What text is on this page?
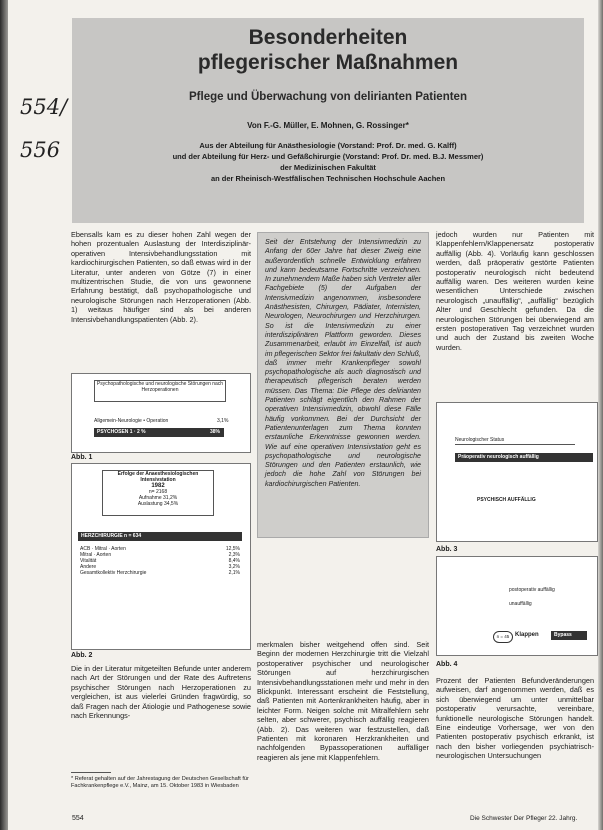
554/
556
Besonderheiten
pflegerischer Maßnahmen
Pflege und Überwachung von delirianten Patienten
Von F.-G. Müller, E. Mohnen, G. Rossinger*
Aus der Abteilung für Anästhesiologie (Vorstand: Prof. Dr. med. G. Kalff)
und der Abteilung für Herz- und Gefäßchirurgie (Vorstand: Prof. Dr. med. B.J. Messmer)
der Medizinischen Fakultät
an der Rheinisch-Westfälischen Technischen Hochschule Aachen

Ebensalls kam es zu dieser hohen Zahl wegen der hohen prozentualen Auslastung der Interdisziplinär-operativen Intensivbehandlungsstation mit kardiochirurgischen Patienten, so daß etwas wird in der Literatur, unter anderen von Götze (7) in einer multizentrischen Studie, die von uns gewonnene Erfahrung bestätigt, daß psychopathologische und neurologische Störungen nach Herzoperationen (Abb. 1) weitaus häufiger sind als bei anderen Intensivbehandlungspatienten (Abb. 2).

Psychopathologische und neurologische Störungen nach Herzoperationen
Allgemein-Neurologie • Operation	3,1%
PSYCHOSEN 1 · 2 %	38%
Abb. 1
Erfolge der Anaesthesiologischen Intensivstation
1982
n= 2168
Aufnahme 31,2%
Auslastung 34,5%
HERZCHIRURGIE n = 634
ACB · Mitral · Aorten	12,5%
Mitral · Aorten	2,3%
Vitalität	8,4%
Andere	3,2%
Gesamtkollektiv Herzchirurgie	2,1%
Abb. 2

Die in der Literatur mitgeteilten Befunde unter anderem nach Art der Störungen und der Rate des Auftretens psychischer Störungen nach Herzoperationen zu vergleichen, ist aus vielerlei Gründen fragwürdig, so daß Fragen nach der Ätiologie und Pathogenese sowie nach Erkennungs-

* Referat gehalten auf der Jahrestagung der Deutschen Gesellschaft für Fachkrankenpflege e.V., Mainz, am 15. Oktober 1983 in Wiesbaden
Seit der Entstehung der Intensivmedizin zu Anfang der 60er Jahre hat dieser Zweig eine außerordentlich schnelle Entwicklung erfahren und kann bedeutsame Fortschritte verzeichnen. In zunehmendem Maße haben sich Vertreter aller Fachgebiete (5) der Aufgaben der Intensivmedizin angenommen, insbesondere Anästhesisten, Chirurgen, Pädiater, Internisten, Neurologen, Neurochirurgen und Herzchirurgen. So ist die Intensivmedizin zu einer interdisziplinären Plattform geworden. Dieses Zusammenarbeit, erlaubt im Einzelfall, ist auch im pflegerischen Sektor frei fakultativ den Schluß, daß immer mehr Krankenpfleger sowohl psychopathologische als auch diagnostisch und therapeutisch pflegerisch beraten werden müssen. Das Thema: Die Pflege des delirianten Patienten schlägt eigentlich den Rahmen der operativen Intensivmedizin, obwohl diese Fälle häufig vorkommen. Bei der Durchsicht der Patientenunterlagen zum Thema konnten erstaunliche Erkenntnisse gewonnen werden. Wie auf eine operativen Intensivstation geht es psychopathologische und neurologische Störungen und den Patienten erstaunlich, wie jedoch die hohe Zahl von Störungen bei kardiochirurgischen Patienten.

merkmalen bisher weitgehend offen sind. Seit Beginn der modernen Herzchirurgie tritt die Vielzahl postoperativer psychischer und neurologischer Störungen auf herzchirurgischen Intensivbehandlungsstationen mehr und mehr in den Blickpunkt. Interessant erscheint die Feststellung, daß Patienten mit Aortenkrankheiten häufig, aber in leichter Form. Neigen solche mit Mitralfehlern sehr selten, aber schwerer, psychisch auffällig reagieren (Abb. 2). Das weiteren war festzustellen, daß Patienten mit koronaren Herzkrankheiten und nachfolgenden Bypassoperationen auffälliger reagieren als jene mit Klappenfehlern.

jedoch wurden nur Patienten mit Klappenfehlern/Klappenersatz postoperativ auffällig (Abb. 4). Vorläufig kann geschlossen werden, daß präoperativ gestörte Patienten postoperativ neurologisch nicht bedeutend auffällig waren. Des weiteren wurden keine wesentlichen Unterschiede zwischen neurologisch „unauffällig“, „auffällig“ bezüglich Alter und Geschlecht gefunden. Da die neurologischen Störungen bei überwiegend am ersten postoperativen Tag verzeichnet wurden und auch der Zustand bis zweiten Woche wurden.

Neurologischer Status
Präoperativ neurologisch auffällig
PSYCHISCH AUFFÄLLIG
Abb. 3
postoperativ auffällig
unauffällig
n = 45 Klappen	Bypass
Abb. 4

Prozent der Patienten Befundveränderungen aufweisen, darf angenommen werden, daß es sich überwiegend um unter unmittelbar postoperativ verursachte, vereinbare, funktionelle neurologische Störungen handelt. Eine eindeutige Vorhersage, wer von den Patienten postoperativ psychisch erkrankt, ist nach den bisher vorliegenden psychiatrisch-neurologischen Untersuchungen

554	Die Schwester Der Pfleger 22. Jahrg.
